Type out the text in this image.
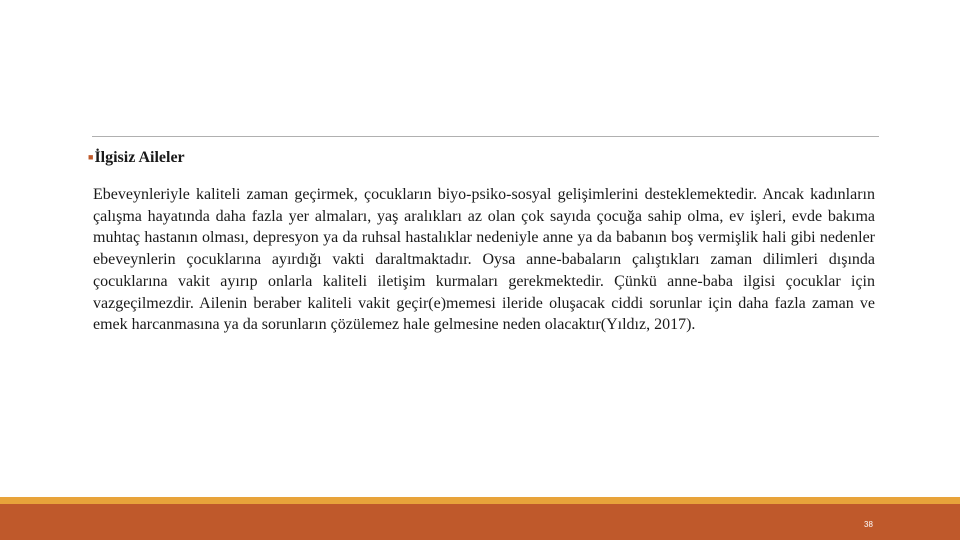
■İlgisiz Aileler
Ebeveynleriyle kaliteli zaman geçirmek, çocukların biyo-psiko-sosyal gelişimlerini desteklemektedir. Ancak kadınların çalışma hayatında daha fazla yer almaları, yaş aralıkları az olan çok sayıda çocuğa sahip olma, ev işleri, evde bakıma muhtaç hastanın olması, depresyon ya da ruhsal hastalıklar nedeniyle anne ya da babanın boş vermişlik hali gibi nedenler ebeveynlerin çocuklarına ayırdığı vakti daraltmaktadır. Oysa anne-babaların çalıştıkları zaman dilimleri dışında çocuklarına vakit ayırıp onlarla kaliteli iletişim kurmaları gerekmektedir. Çünkü anne-baba ilgisi çocuklar için vazgeçilmezdir. Ailenin beraber kaliteli vakit geçir(e)memesi ileride oluşacak ciddi sorunlar için daha fazla zaman ve emek harcanmasına ya da sorunların çözülemez hale gelmesine neden olacaktır(Yıldız, 2017).
38
